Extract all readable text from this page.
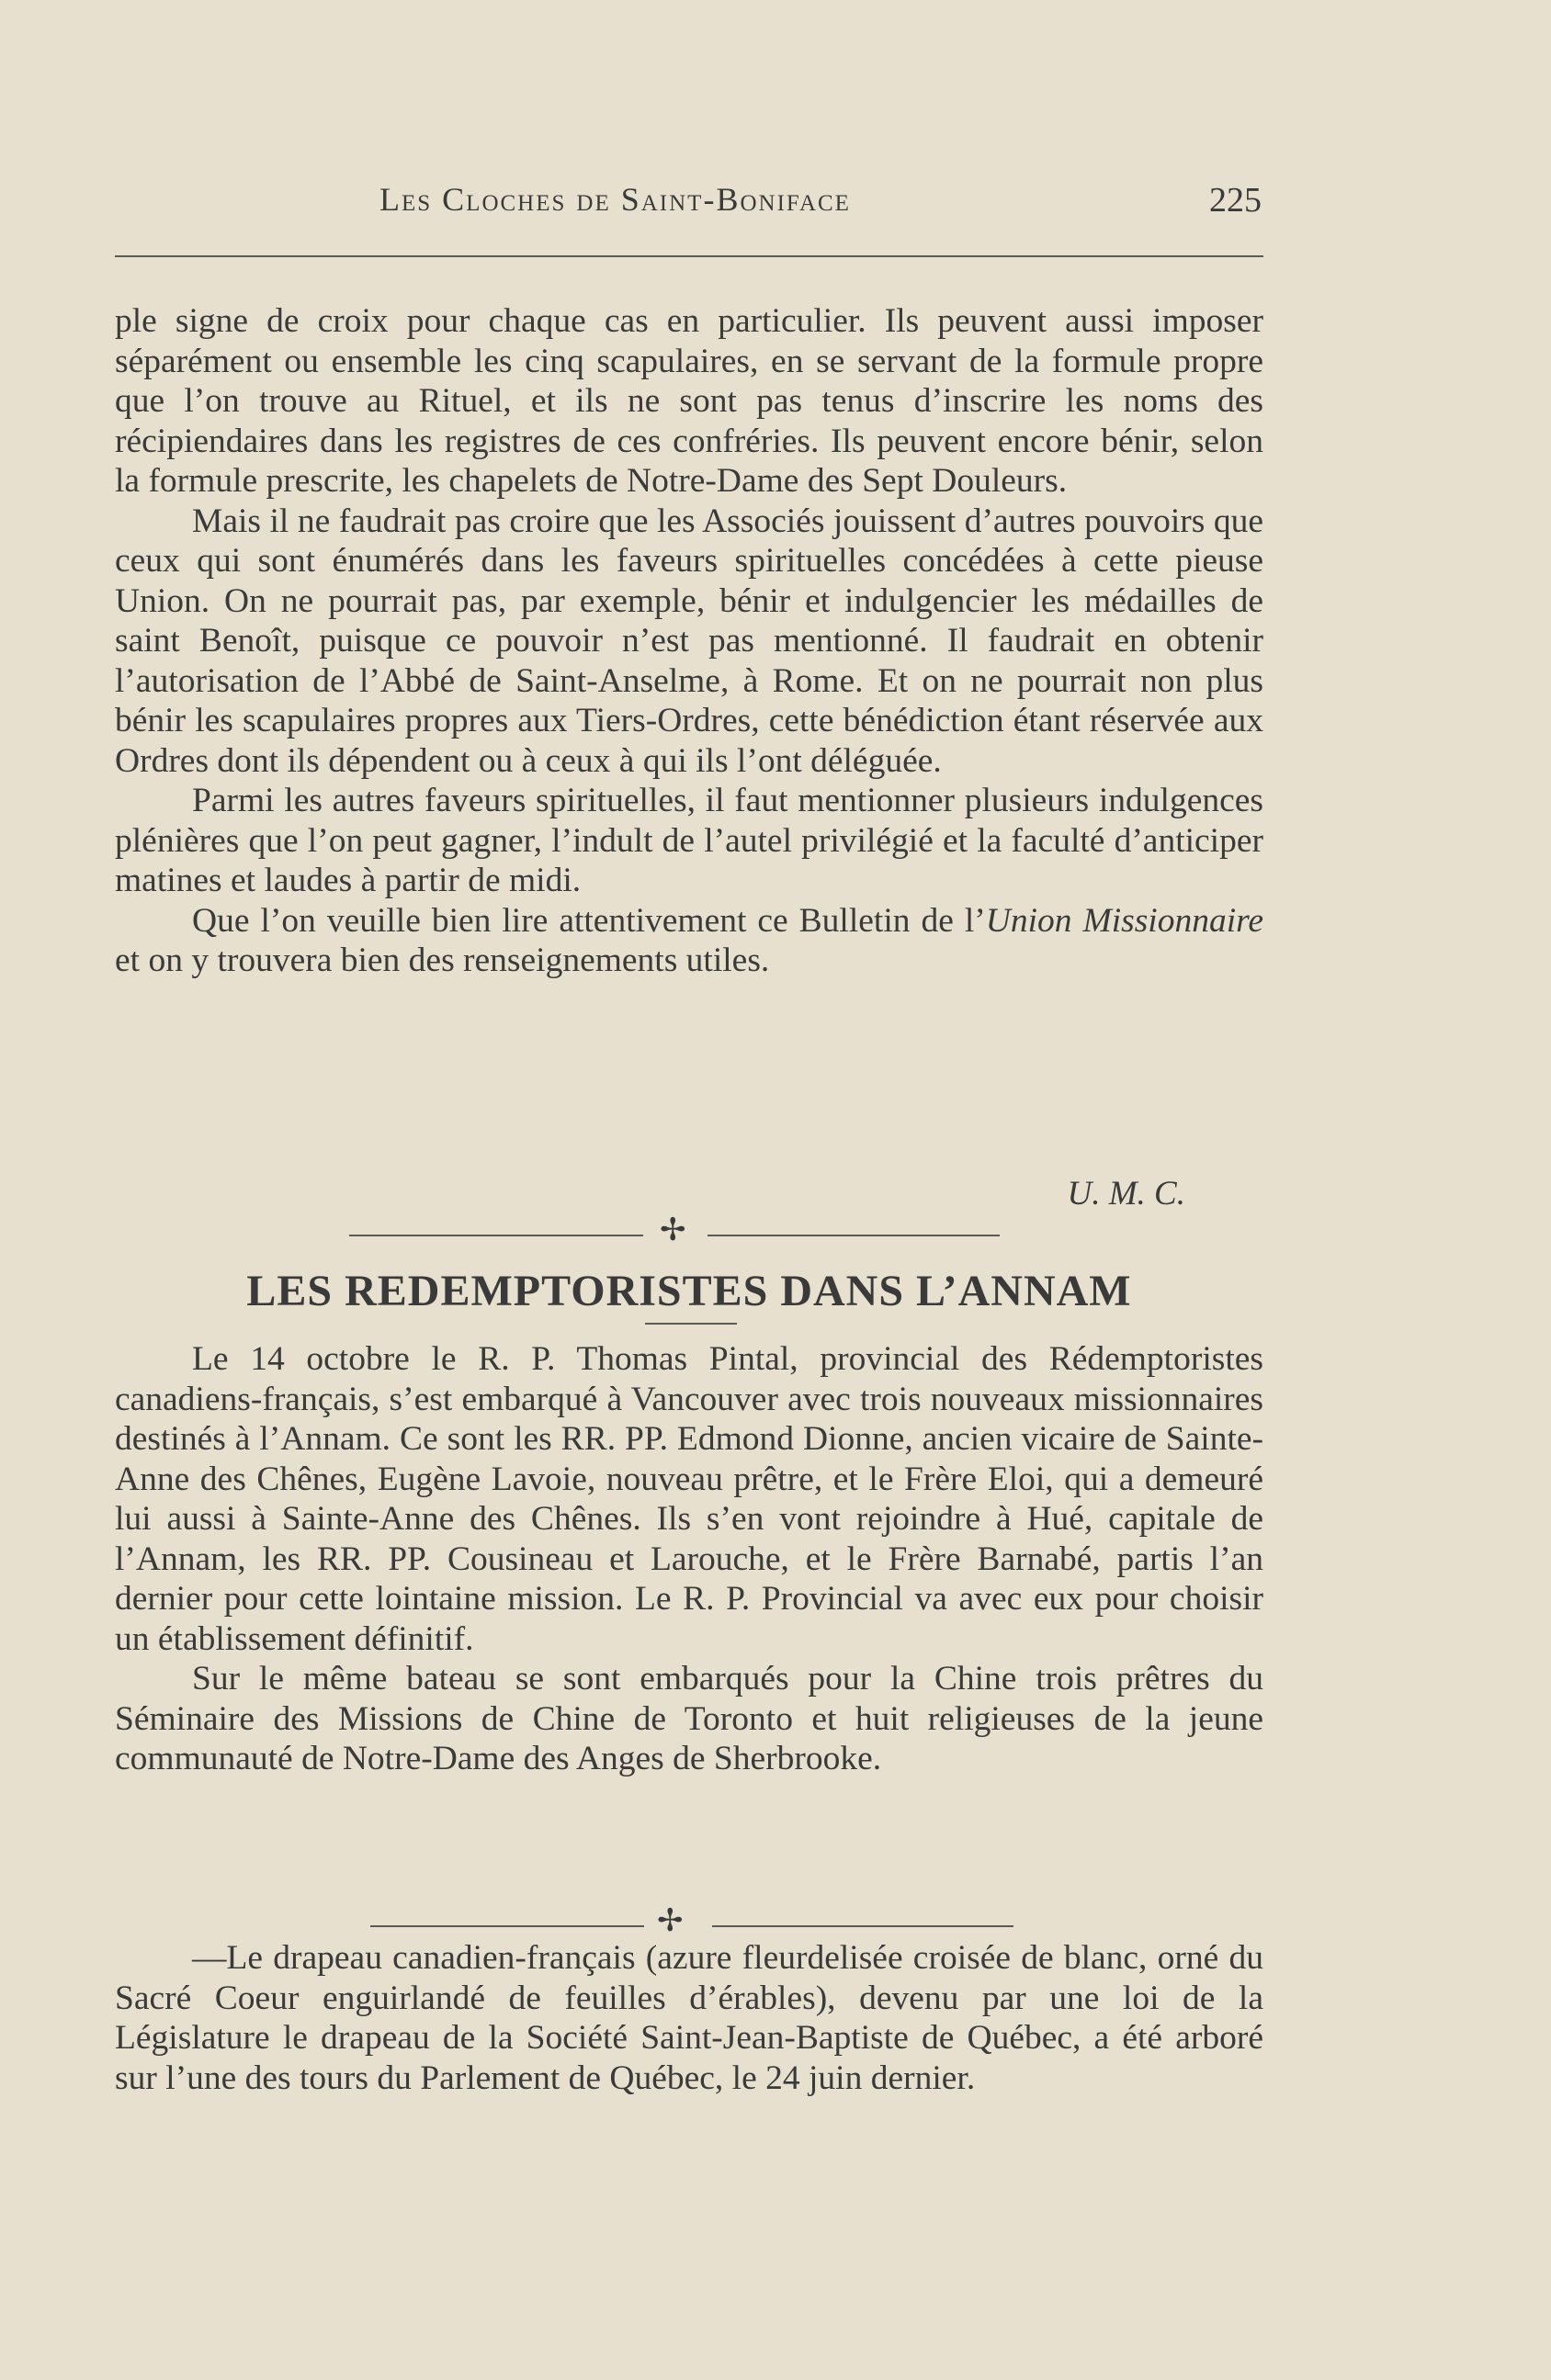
Les Cloches de Saint-Boniface	225

ple signe de croix pour chaque cas en particulier. Ils peuvent aussi imposer séparément ou ensemble les cinq scapulaires, en se servant de la formule propre que l’on trouve au Rituel, et ils ne sont pas tenus d’inscrire les noms des récipiendaires dans les registres de ces confréries. Ils peuvent encore bénir, selon la formule prescrite, les chapelets de Notre-Dame des Sept Douleurs.

Mais il ne faudrait pas croire que les Associés jouissent d’autres pouvoirs que ceux qui sont énumérés dans les faveurs spirituelles concédées à cette pieuse Union. On ne pourrait pas, par exemple, bénir et indulgencier les médailles de saint Benoît, puisque ce pouvoir n’est pas mentionné. Il faudrait en obtenir l’autorisation de l’Abbé de Saint-Anselme, à Rome. Et on ne pourrait non plus bénir les scapulaires propres aux Tiers-Ordres, cette bénédiction étant réservée aux Ordres dont ils dépendent ou à ceux à qui ils l’ont déléguée.

Parmi les autres faveurs spirituelles, il faut mentionner plusieurs indulgences plénières que l’on peut gagner, l’indult de l’autel privilégié et la faculté d’anticiper matines et laudes à partir de midi.

Que l’on veuille bien lire attentivement ce Bulletin de l’Union Missionnaire et on y trouvera bien des renseignements utiles.

U. M. C.
✢
LES REDEMPTORISTES DANS L’ANNAM

Le 14 octobre le R. P. Thomas Pintal, provincial des Rédemptoristes canadiens-français, s’est embarqué à Vancouver avec trois nouveaux missionnaires destinés à l’Annam. Ce sont les RR. PP. Edmond Dionne, ancien vicaire de Sainte-Anne des Chênes, Eugène Lavoie, nouveau prêtre, et le Frère Eloi, qui a demeuré lui aussi à Sainte-Anne des Chênes. Ils s’en vont rejoindre à Hué, capitale de l’Annam, les RR. PP. Cousineau et Larouche, et le Frère Barnabé, partis l’an dernier pour cette lointaine mission. Le R. P. Provincial va avec eux pour choisir un établissement définitif.

Sur le même bateau se sont embarqués pour la Chine trois prêtres du Séminaire des Missions de Chine de Toronto et huit religieuses de la jeune communauté de Notre-Dame des Anges de Sherbrooke.

✢

—Le drapeau canadien-français (azure fleurdelisée croisée de blanc, orné du Sacré Coeur enguirlandé de feuilles d’érables), devenu par une loi de la Législature le drapeau de la Société Saint-Jean-Baptiste de Québec, a été arboré sur l’une des tours du Parlement de Québec, le 24 juin dernier.
